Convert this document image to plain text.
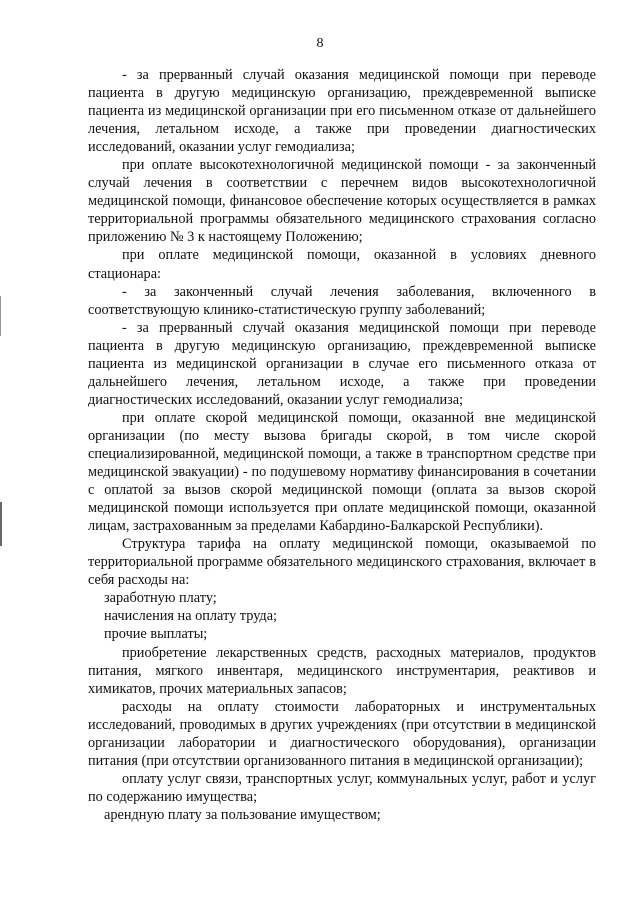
8

- за прерванный случай оказания медицинской помощи при переводе пациента в другую медицинскую организацию, преждевременной выписке пациента из медицинской организации при его письменном отказе от дальнейшего лечения, летальном исходе, а также при проведении диагностических исследований, оказании услуг гемодиализа;

при оплате высокотехнологичной медицинской помощи - за законченный случай лечения в соответствии с перечнем видов высокотехнологичной медицинской помощи, финансовое обеспечение которых осуществляется в рамках территориальной программы обязательного медицинского страхования согласно приложению № 3 к настоящему Положению;

при оплате медицинской помощи, оказанной в условиях дневного стационара:

- за законченный случай лечения заболевания, включенного в соответствующую клинико-статистическую группу заболеваний;

- за прерванный случай оказания медицинской помощи при переводе пациента в другую медицинскую организацию, преждевременной выписке пациента из медицинской организации в случае его письменного отказа от дальнейшего лечения, летальном исходе, а также при проведении диагностических исследований, оказании услуг гемодиализа;

при оплате скорой медицинской помощи, оказанной вне медицинской организации (по месту вызова бригады скорой, в том числе скорой специализированной, медицинской помощи, а также в транспортном средстве при медицинской эвакуации) - по подушевому нормативу финансирования в сочетании с оплатой за вызов скорой медицинской помощи (оплата за вызов скорой медицинской помощи используется при оплате медицинской помощи, оказанной лицам, застрахованным за пределами Кабардино-Балкарской Республики).

Структура тарифа на оплату медицинской помощи, оказываемой по территориальной программе обязательного медицинского страхования, включает в себя расходы на:

заработную плату;

начисления на оплату труда;

прочие выплаты;

приобретение лекарственных средств, расходных материалов, продуктов питания, мягкого инвентаря, медицинского инструментария, реактивов и химикатов, прочих материальных запасов;

расходы на оплату стоимости лабораторных и инструментальных исследований, проводимых в других учреждениях (при отсутствии в медицинской организации лаборатории и диагностического оборудования), организации питания (при отсутствии организованного питания в медицинской организации);

оплату услуг связи, транспортных услуг, коммунальных услуг, работ и услуг по содержанию имущества;

арендную плату за пользование имуществом;
